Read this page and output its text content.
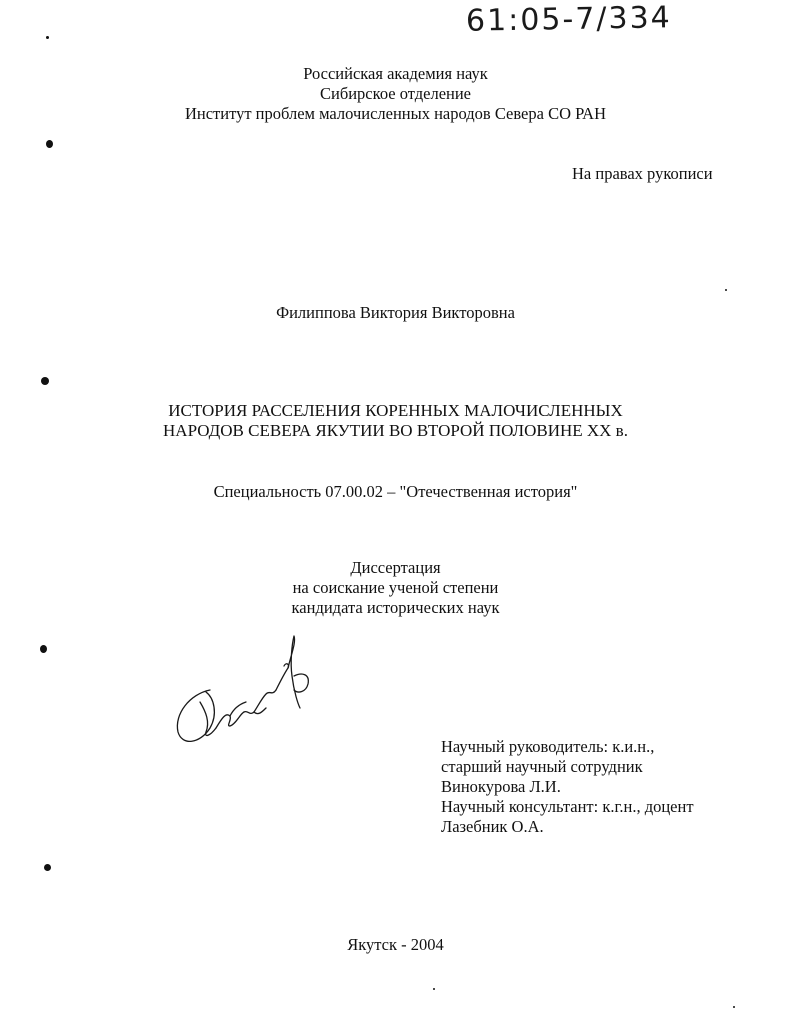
61:05-7/334
Российская академия наук
Сибирское отделение
Институт проблем малочисленных народов Севера СО РАН
На правах рукописи
Филиппова Виктория Викторовна
ИСТОРИЯ РАССЕЛЕНИЯ КОРЕННЫХ МАЛОЧИСЛЕННЫХ
НАРОДОВ СЕВЕРА ЯКУТИИ ВО ВТОРОЙ ПОЛОВИНЕ XX в.
Специальность 07.00.02 – "Отечественная история"
Диссертация
на соискание ученой степени
кандидата исторических наук
Научный руководитель: к.и.н.,
старший научный сотрудник
Винокурова Л.И.
Научный консультант: к.г.н., доцент
Лазебник О.А.
Якутск - 2004
